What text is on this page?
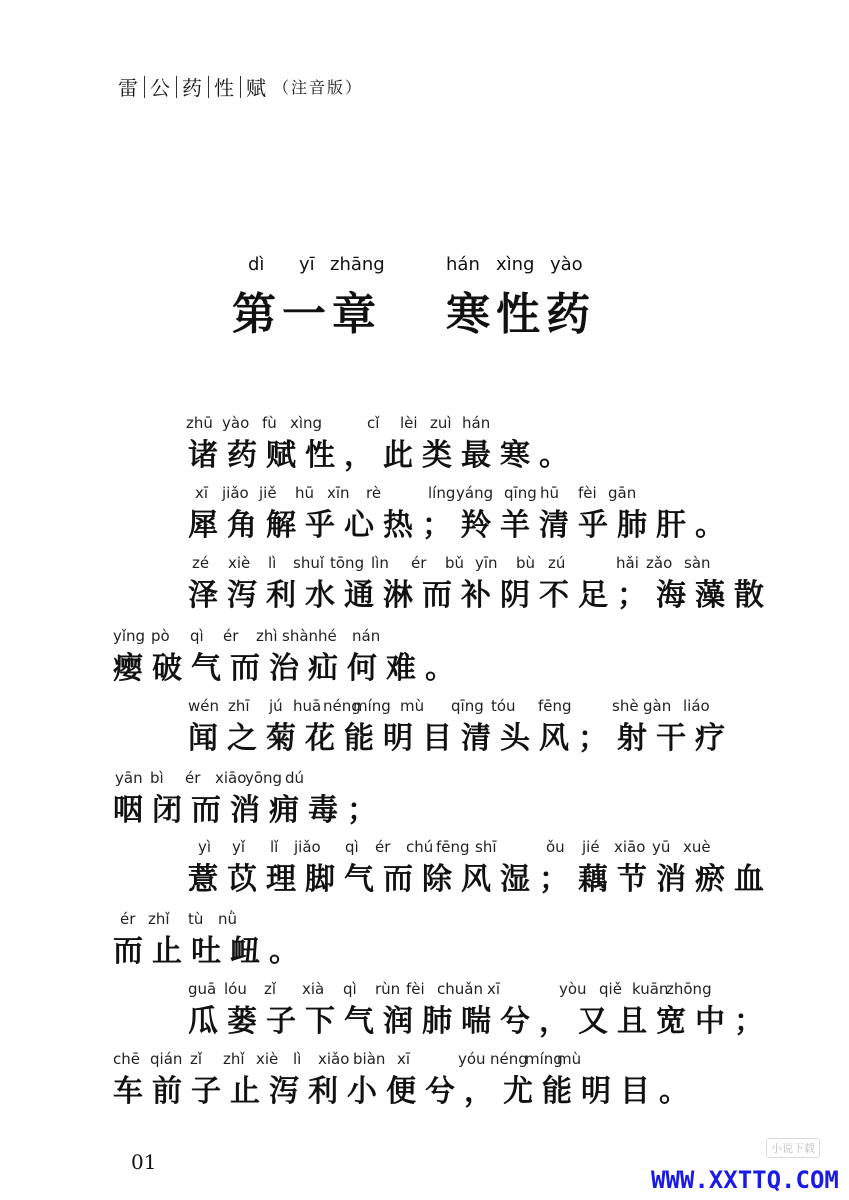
雷 公 药 性 赋 （注音版）
dì yī zhāng	hán xìng yào
第一章   寒性药
zhū yào fù xìng	cǐ lèi zuì hán
诸药赋性，此类最寒。
xī jiǎo jiě hū xīn rè	líng yáng qīng hū fèi gān
犀角解乎心热；羚羊清乎肺肝。
zé xiè lì shuǐ tōng lìn ér bǔ yīn bù zú	hǎi zǎo sàn
泽泻利水通淋而补阴不足；海藻散
yǐng pò qì ér zhì shàn hé nán
瘿破气而治疝何难。
wén zhī jú huā néng
míng mù qīng tóu fēng	shè gàn liáo
闻之菊花能明目清头风；射干疗
yān bì ér xiāo
yōng dú
咽闭而消痈毒；
yì yǐ lǐ jiǎo qì ér chú fēng shī	ǒu jié xiāo yū xuè
薏苡理脚气而除风湿；藕节消瘀血
ér zhǐ tù nǜ
而止吐衄。
guā lóu zǐ xià qì rùn fèi chuǎn xī	yòu qiě kuān
zhōng
瓜蒌子下气润肺喘兮，又且宽中；
chē qián zǐ zhǐ xiè lì xiǎo biàn xī	yóu néng
míng
mù
车前子止泻利小便兮，尤能明目。
01
小说下载
WWW.XXTTQ.COM
